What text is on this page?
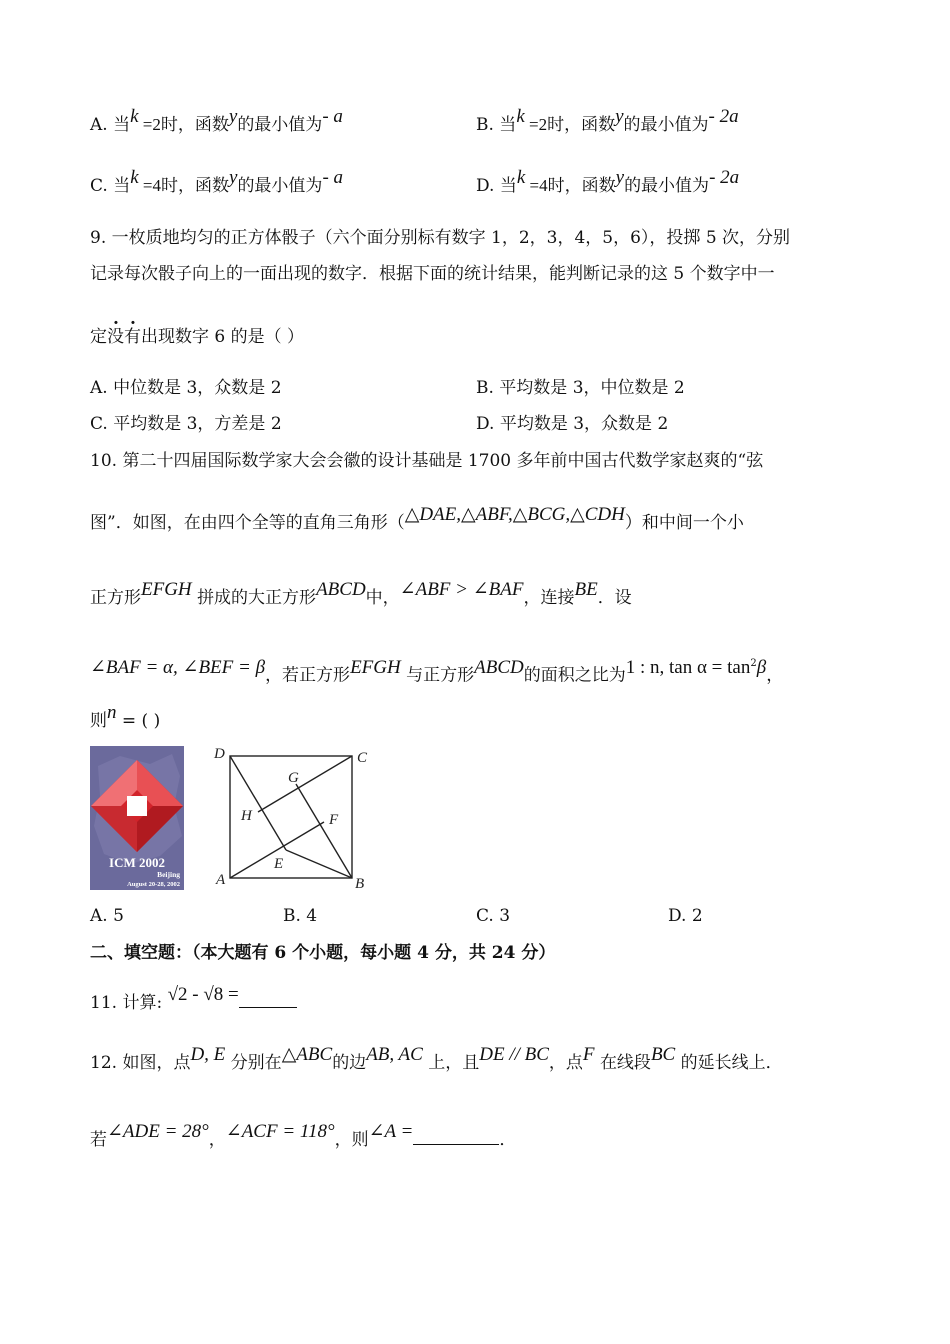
A. 当k =2时，函数y的最小值为- a	B. 当k =2时，函数y的最小值为- 2a
C. 当k =4时，函数y的最小值为- a	D. 当k =4时，函数y的最小值为- 2a
9. 一枚质地均匀的正方体骰子（六个面分别标有数字 1，2，3，4，5，6），投掷 5 次，分别
记录每次骰子向上的一面出现的数字．根据下面的统计结果，能判断记录的这 5 个数字中一
定没有出现数字 6 的是（ ）
A. 中位数是 3，众数是 2	B. 平均数是 3，中位数是 2
C. 平均数是 3，方差是 2	D. 平均数是 3，众数是 2
10. 第二十四届国际数学家大会会徽的设计基础是 1700 多年前中国古代数学家赵爽的“弦
图”．如图，在由四个全等的直角三角形（△DAE,△ABF,△BCG,△CDH）和中间一个小
正方形EFGH 拼成的大正方形ABCD中，∠ABF > ∠BAF，连接BE．设
∠BAF = α, ∠BEF = β，若正方形EFGH 与正方形ABCD的面积之比为1 : n, $\tan \alpha = \tan^2\beta$，
则n = ( )
ICM 2002
Beijing
August 20-28, 2002 A	B
C
D
E
F
G
H
A. 5	B. 4	C. 3	D. 2
二、填空题：（本大题有 6 个小题，每小题 4 分，共 24 分）
11. 计算: √2 - √8 =
12. 如图，点D, E 分别在△ABC的边AB, AC 上，且DE // BC，点F 在线段BC 的延长线上．
若∠ADE = 28°，∠ACF = 118°，则∠A =	．
